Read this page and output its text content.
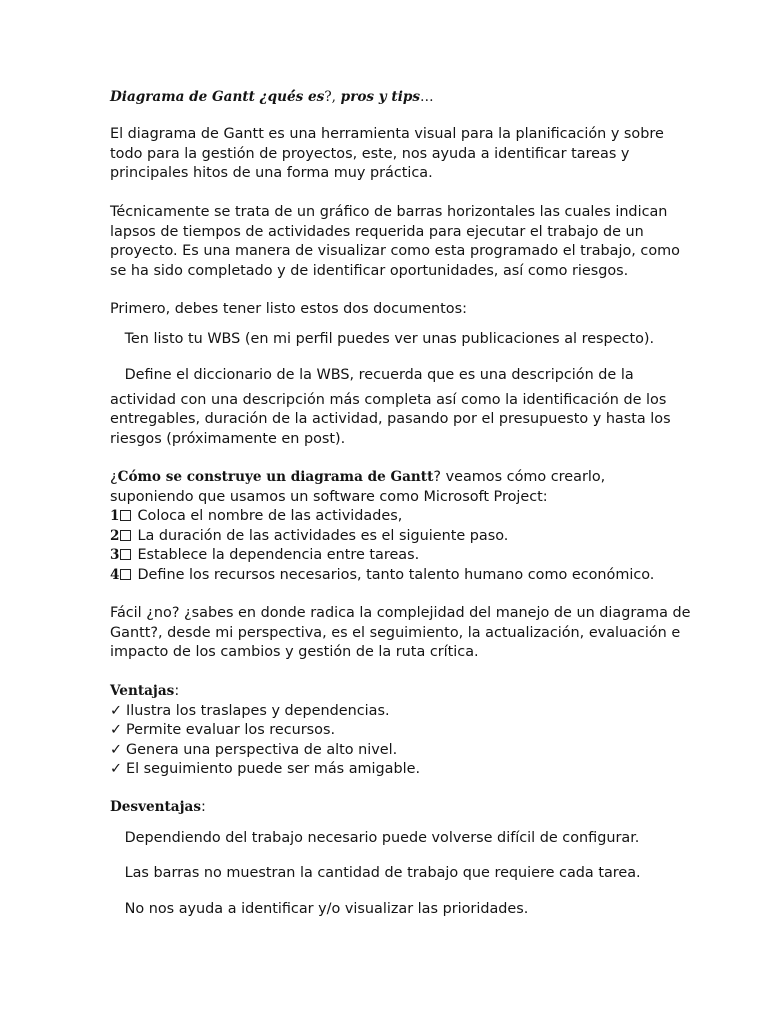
Diagrama de Gantt ¿qué́s es?, pros y tips…

El diagrama de Gantt es una herramienta visual para la planificación y sobre
todo para la gestión de proyectos, este, nos ayuda a identificar tareas y
principales hitos de una forma muy práctica.

Técnicamente se trata de un gráfico de barras horizontales las cuales indican
lapsos de tiempos de actividades requerida para ejecutar el trabajo de un
proyecto. Es una manera de visualizar como esta programado el trabajo, como
se ha sido completado y de identificar oportunidades, así como riesgos.

Primero, debes tener listo estos dos documentos:

Ten listo tu WBS (en mi perfil puedes ver unas publicaciones al respecto).

Define el diccionario de la WBS, recuerda que es una descripción de la
actividad con una descripción más completa así como la identificación de los
entregables, duración de la actividad, pasando por el presupuesto y hasta los
riesgos (próximamente en post).

¿Cómo se construye un diagrama de Gantt? veamos cómo crearlo,
suponiendo que usamos un software como Microsoft Project:
1 Coloca el nombre de las actividades,
2 La duración de las actividades es el siguiente paso.
3 Establece la dependencia entre tareas.
4 Define los recursos necesarios, tanto talento humano como económico.

Fácil ¿no? ¿sabes en donde radica la complejidad del manejo de un diagrama de
Gantt?, desde mi perspectiva, es el seguimiento, la actualización, evaluación e
impacto de los cambios y gestión de la ruta crítica.

Ventajas:
✓ Ilustra los traslapes y dependencias.
✓ Permite evaluar los recursos.
✓ Genera una perspectiva de alto nivel.
✓ El seguimiento puede ser más amigable.

Desventajas:

Dependiendo del trabajo necesario puede volverse difícil de configurar.

Las barras no muestran la cantidad de trabajo que requiere cada tarea.

No nos ayuda a identificar y/o visualizar las prioridades.
